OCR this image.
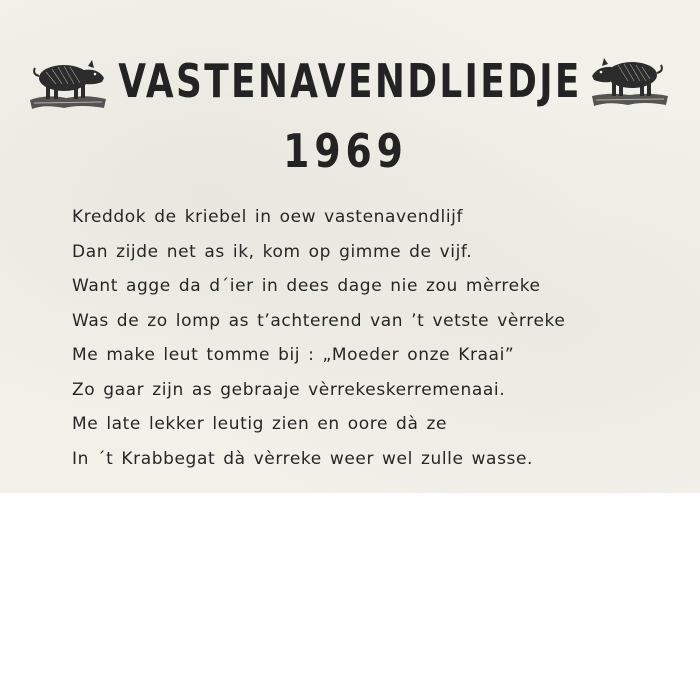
VASTENAVENDLIEDJE
1969
Kreddok de kriebel in oew vastenavendlijf
Dan zijde net as ik, kom op gimme de vijf.
Want agge da d´ier in dees dage nie zou mèrreke
Was de zo lomp as t’achterend van ’t vetste vèrreke
Me make leut tomme bij : „Moeder onze Kraai”
Zo gaar zijn as gebraaje vèrrekeskerremenaai.
Me late lekker leutig zien en oore dà ze
In ´t Krabbegat dà vèrreke weer wel zulle wasse.
